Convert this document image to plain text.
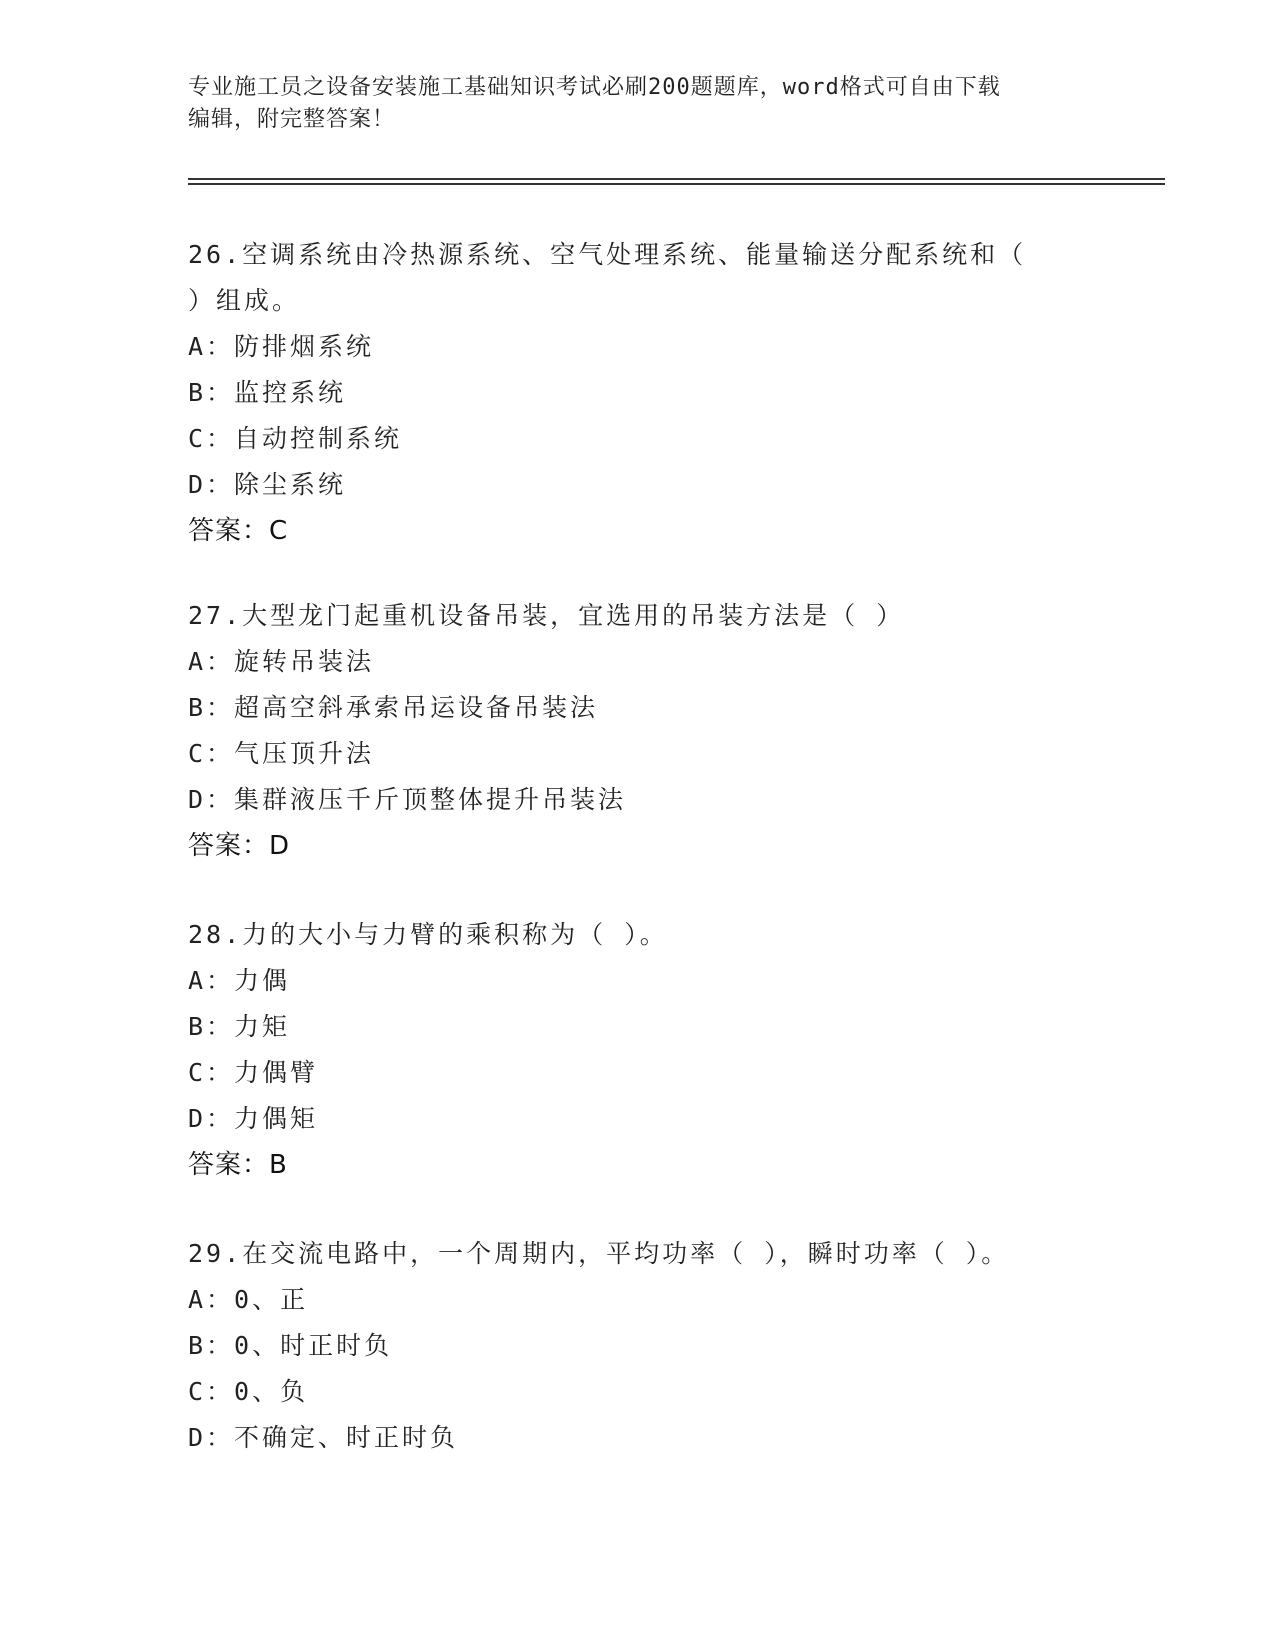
专业施工员之设备安装施工基础知识考试必刷200题题库，word格式可自由下载
编辑，附完整答案！
26.空调系统由冷热源系统、空气处理系统、能量输送分配系统和（
）组成。
A：防排烟系统
B：监控系统
C：自动控制系统
D：除尘系统
答案：C
27.大型龙门起重机设备吊装，宜选用的吊装方法是（ ）
A：旋转吊装法
B：超高空斜承索吊运设备吊装法
C：气压顶升法
D：集群液压千斤顶整体提升吊装法
答案：D
28.力的大小与力臂的乘积称为（ ）。
A：力偶
B：力矩
C：力偶臂
D：力偶矩
答案：B
29.在交流电路中，一个周期内，平均功率（ ），瞬时功率（ ）。
A：0、正
B：0、时正时负
C：0、负
D：不确定、时正时负
